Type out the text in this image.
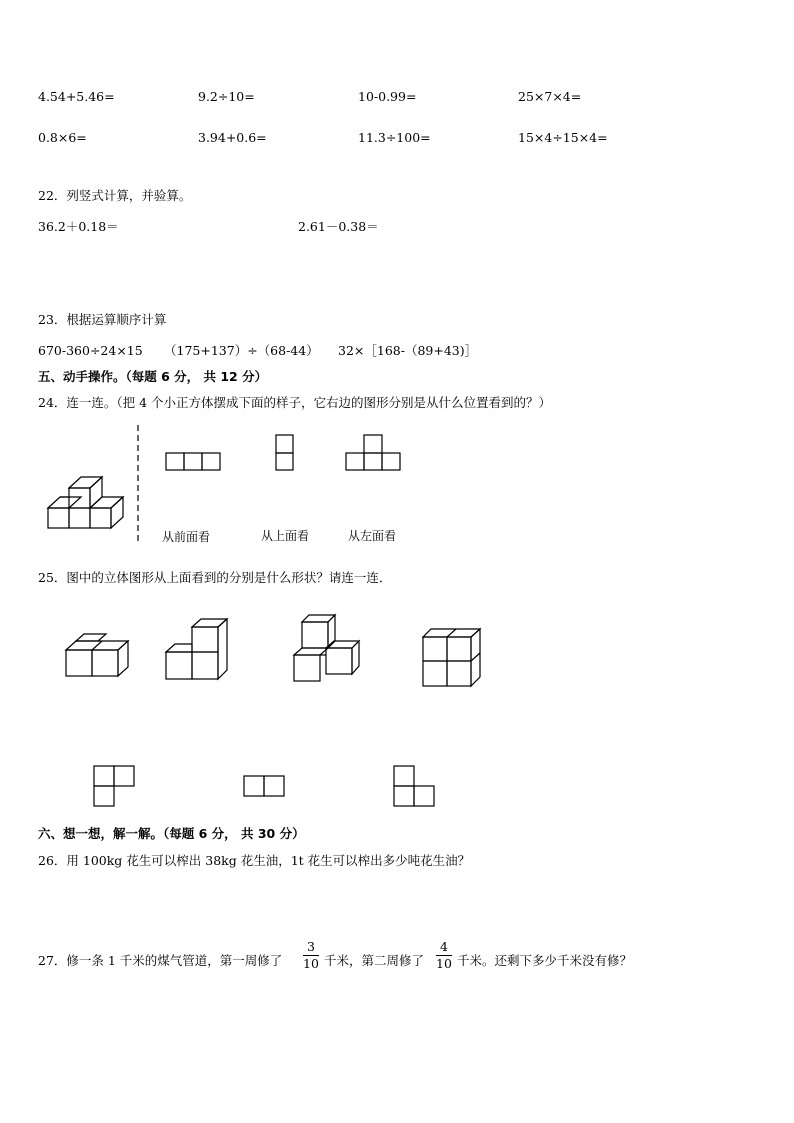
4.54+5.46=	9.2÷10=	10-0.99=	25×7×4=
0.8×6=	3.94+0.6=	11.3÷100=	15×4÷15×4=
22．列竖式计算，并验算。
36.2＋0.18＝	2.61－0.38＝
23．根据运算顺序计算
670-360÷24×15 （175+137）÷（68-44） 32×［168-（89+43)］
五、动手操作。（每题 6 分， 共 12 分）
24．连一连。（把 4 个小正方体摆成下面的样子，它右边的图形分别是从什么位置看到的？）
从前面看	从上面看	从左面看
25．图中的立体图形从上面看到的分别是什么形状？请连一连．
六、想一想，解一解。（每题 6 分， 共 30 分）
26．用 100kg 花生可以榨出 38kg 花生油，1t 花生可以榨出多少吨花生油？
27．修一条 1 千米的煤气管道，第一周修了
3
10 千米，第二周修了
4
10 千米。还剩下多少千米没有修？
